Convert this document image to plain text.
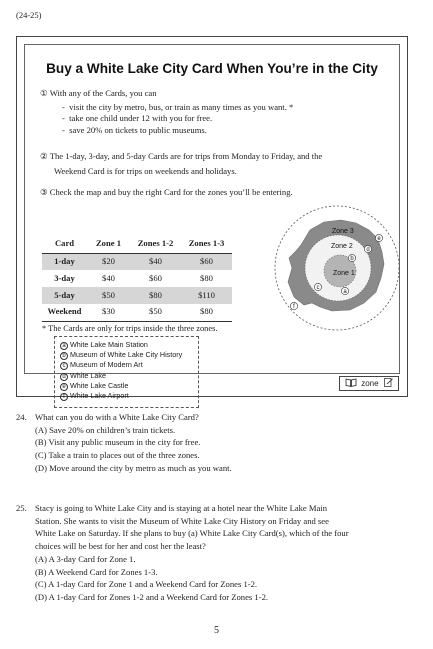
(24-25)
Buy a White Lake City Card When You’re in the City

① With any of the Cards, you can

-  visit the city by metro, bus, or train as many times as you want. *

-  take one child under 12 with you for free.

-  save 20% on tickets to public museums.

② The 1-day, 3-day, and 5-day Cards are for trips from Monday to Friday, and the

Weekend Card is for trips on weekends and holidays.

③ Check the map and buy the right Card for the zones you’ll be entering.

Card	Zone 1	Zones 1-2	Zones 1-3
1-day	$20	$40	$60
3-day	$40	$60	$80
5-day	$50	$80	$110
Weekend	$30	$50	$80
* The Cards are only for trips inside the three zones.
a White Lake Main Station
b Museum of White Lake City History
c Museum of Modern Art
d White Lake
e White Lake Castle
f White Lake Airport
Zone 3
Zone 2
Zone 1
a
b
c
d
e
f
zone
24. What can you do with a White Lake City Card?
(A) Save 20% on children’s train tickets.
(B) Visit any public museum in the city for free.
(C) Take a train to places out of the three zones.
(D) Move around the city by metro as much as you want.
25. Stacy is going to White Lake City and is staying at a hotel near the White Lake Main
Station. She wants to visit the Museum of White Lake City History on Friday and see
White Lake on Saturday. If she plans to buy (a) White Lake City Card(s), which of the four
choices will be best for her and cost her the least?
(A) A 3-day Card for Zone 1.
(B) A Weekend Card for Zones 1-3.
(C) A 1-day Card for Zone 1 and a Weekend Card for Zones 1-2.
(D) A 1-day Card for Zones 1-2 and a Weekend Card for Zones 1-2.
5
